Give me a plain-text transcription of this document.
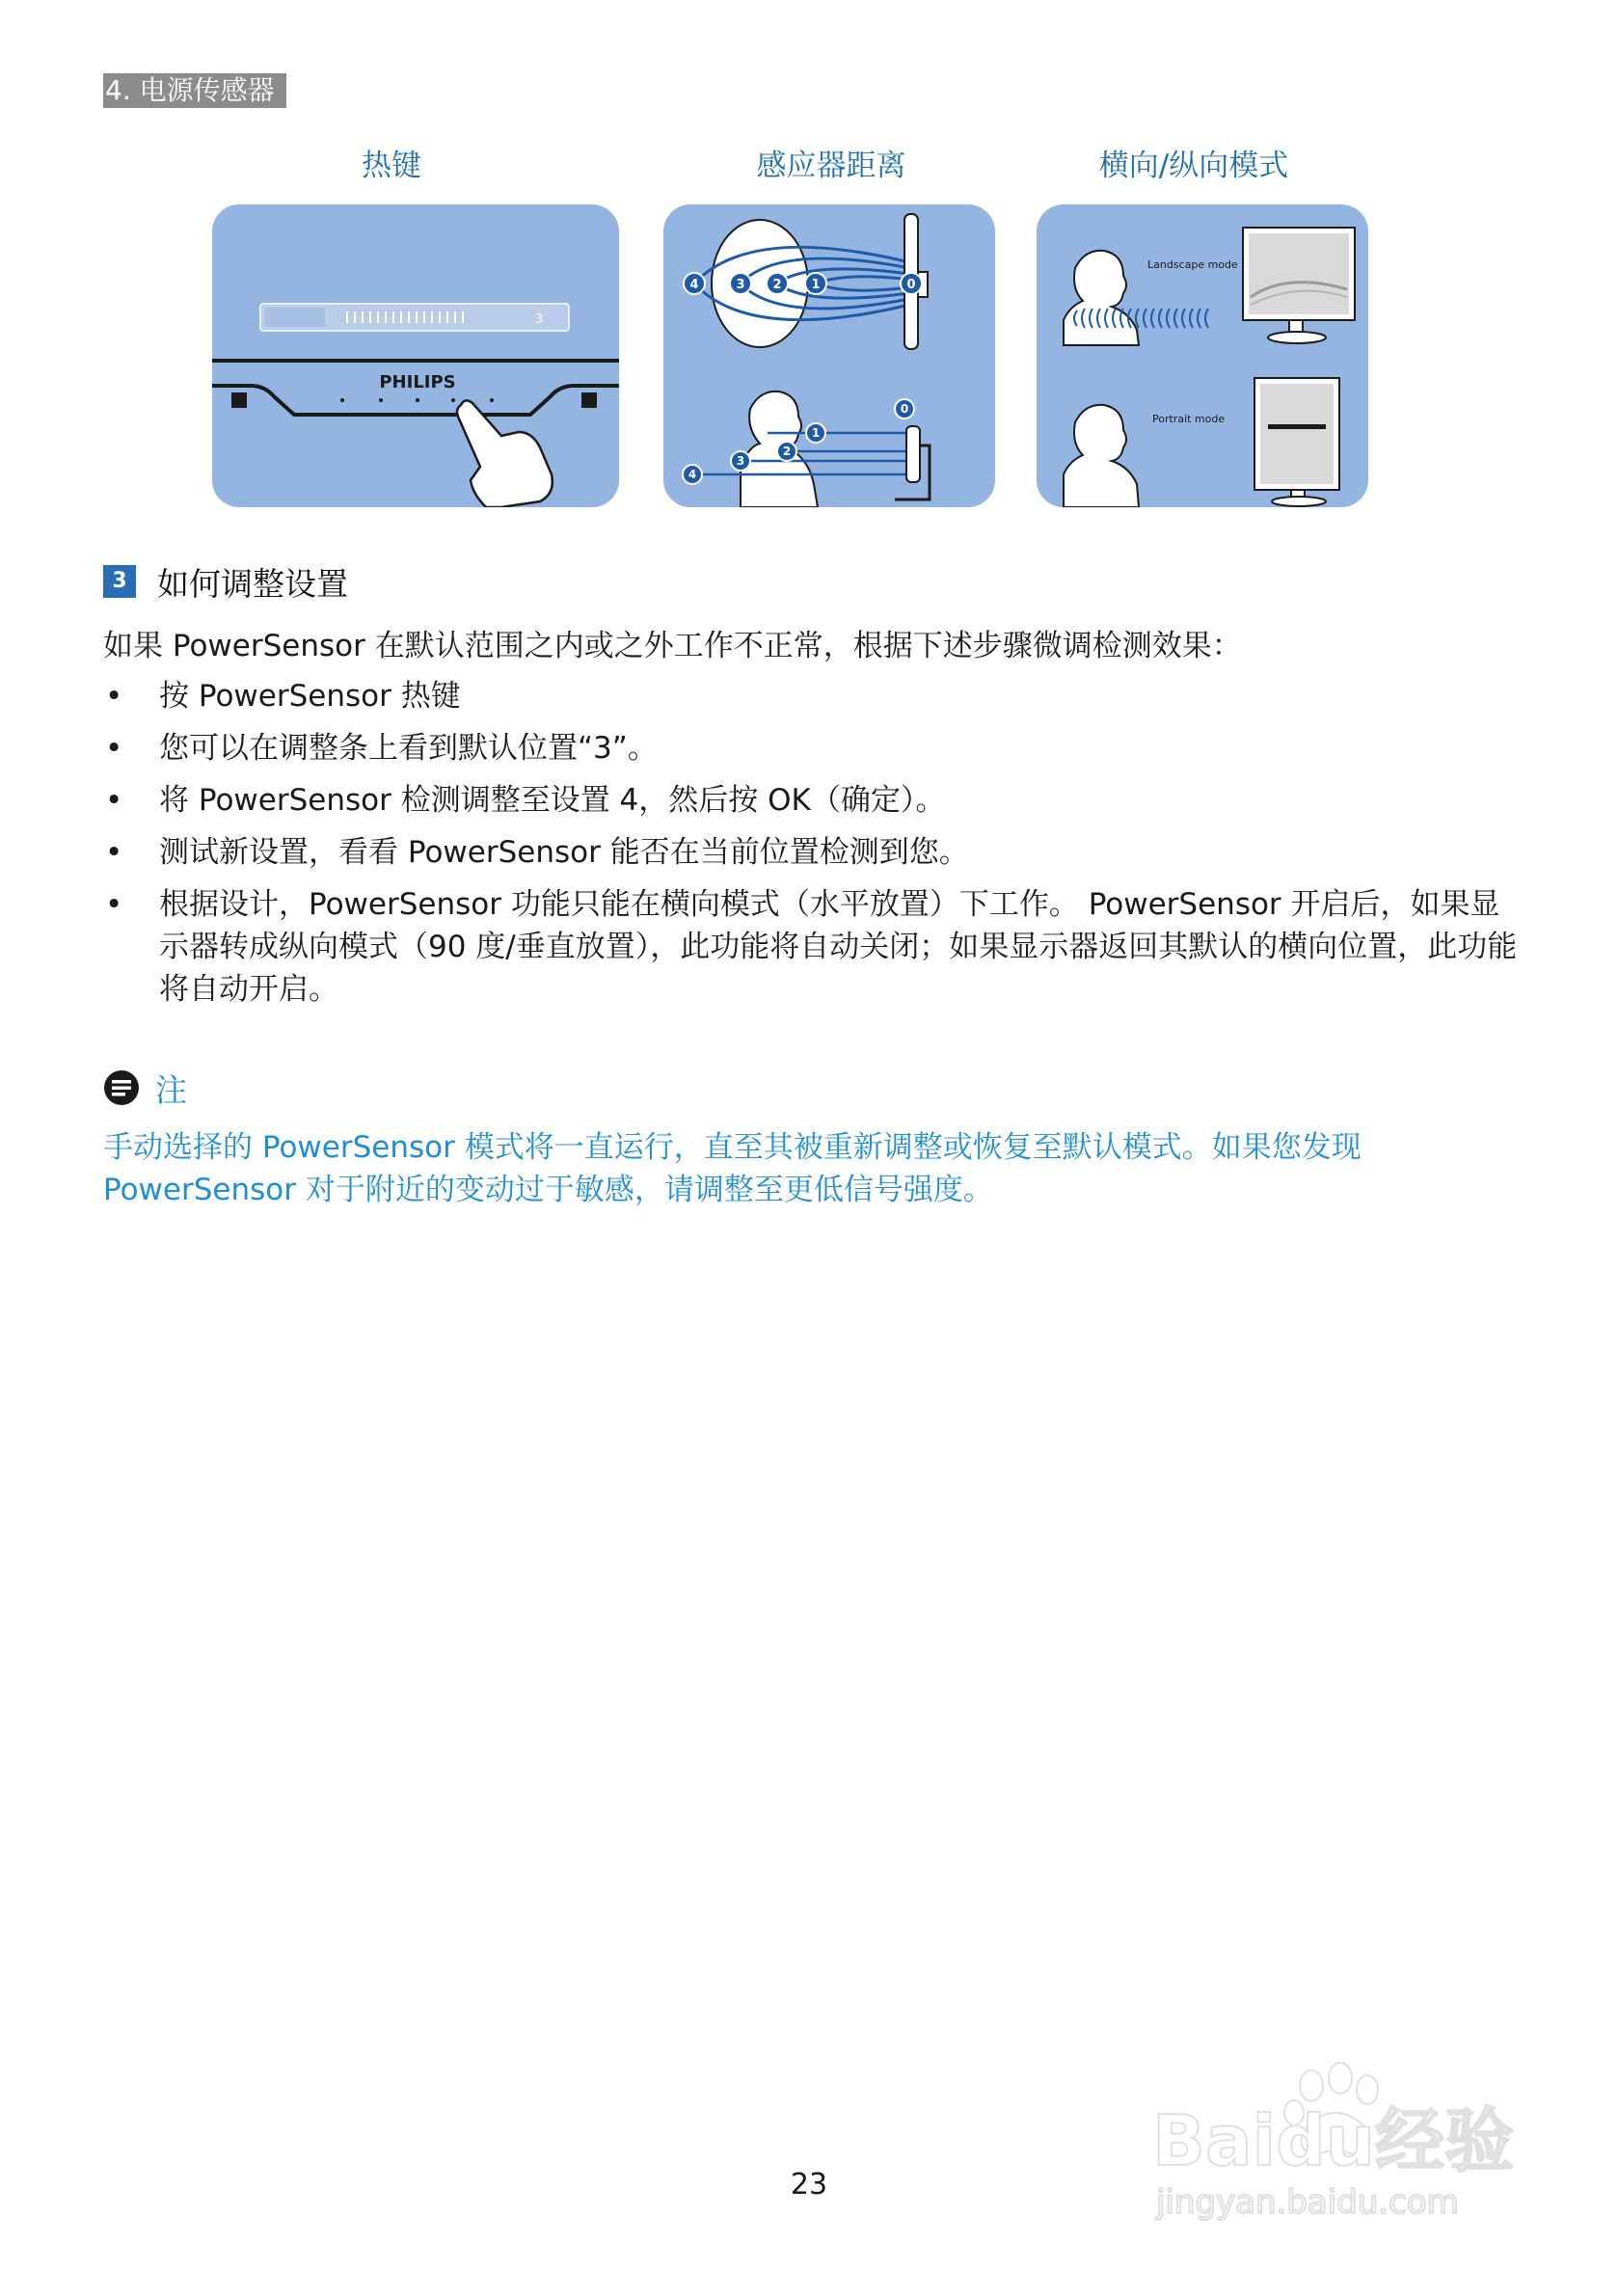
4. 电源传感器
热键	感应器距离	横向/纵向模式
3
PHILIPS
4	3 2 1	0
0
1
2
3
4
Landscape mode
Portrait mode
3 如何调整设置
如果 PowerSensor 在默认范围之内或之外工作不正常，根据下述步骤微调检测效果：
• 按 PowerSensor 热键
• 您可以在调整条上看到默认位置“3”。
• 将 PowerSensor 检测调整至设置 4，然后按 OK（确定）。
• 测试新设置，看看 PowerSensor 能否在当前位置检测到您。
• 根据设计，PowerSensor 功能只能在横向模式（水平放置）下工作。 PowerSensor 开启后，如果显示器转成纵向模式（90 度/垂直放置），此功能将自动关闭；如果显示器返回其默认的横向位置，此功能将自动开启。
注
手动选择的 PowerSensor 模式将一直运行，直至其被重新调整或恢复至默认模式。如果您发现 PowerSensor 对于附近的变动过于敏感，请调整至更低信号强度。
23
Baidu经验
jingyan.baidu.com
